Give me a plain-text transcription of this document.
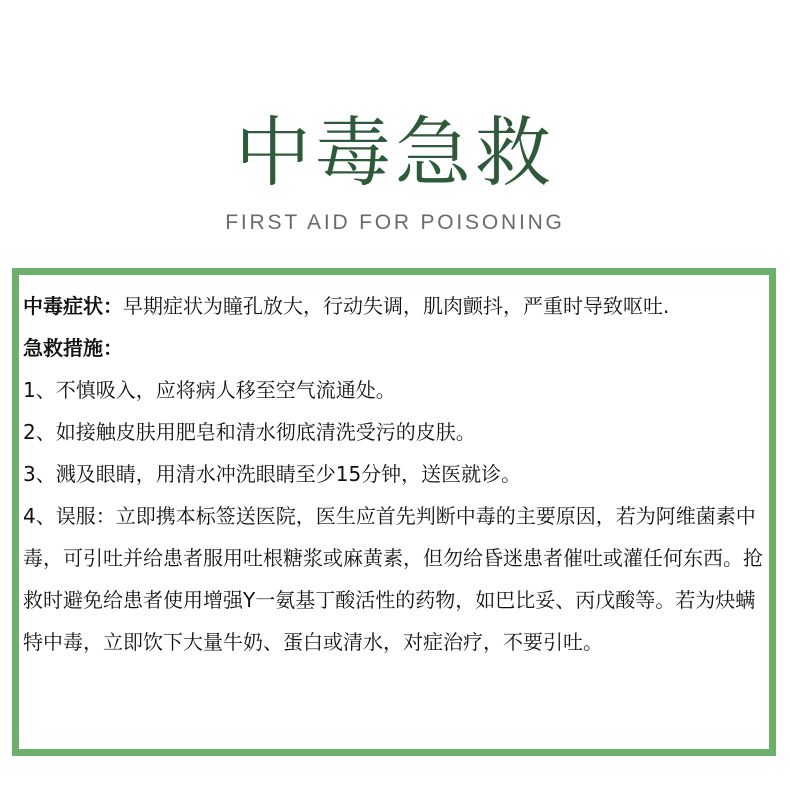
中毒急救

FIRST AID FOR POISONING

中毒症状：早期症状为瞳孔放大，行动失调，肌肉颤抖，严重时导致呕吐.

急救措施：

1、不慎吸入，应将病人移至空气流通处。

2、如接触皮肤用肥皂和清水彻底清洗受污的皮肤。

3、溅及眼睛，用清水冲洗眼睛至少15分钟，送医就诊。

4、误服：立即携本标签送医院，医生应首先判断中毒的主要原因，若为阿维菌素中毒，可引吐并给患者服用吐根糖浆或麻黄素，但勿给昏迷患者催吐或灌任何东西。抢救时避免给患者使用增强Y一氨基丁酸活性的药物，如巴比妥、丙戊酸等。若为炔螨特中毒，立即饮下大量牛奶、蛋白或清水，对症治疗，不要引吐。
